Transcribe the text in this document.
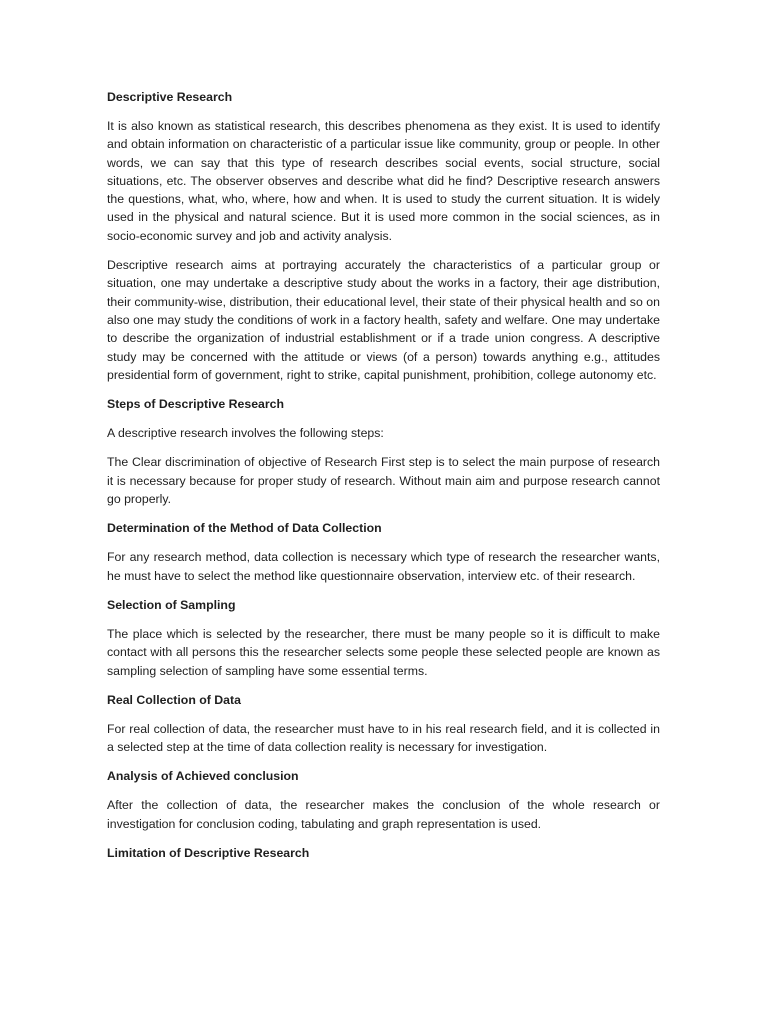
Descriptive Research

It is also known as statistical research, this describes phenomena as they exist. It is used to identify and obtain information on characteristic of a particular issue like community, group or people. In other words, we can say that this type of research describes social events, social structure, social situations, etc. The observer observes and describe what did he find? Descriptive research answers the questions, what, who, where, how and when. It is used to study the current situation. It is widely used in the physical and natural science. But it is used more common in the social sciences, as in socio-economic survey and job and activity analysis.

Descriptive research aims at portraying accurately the characteristics of a particular group or situation, one may undertake a descriptive study about the works in a factory, their age distribution, their community-wise, distribution, their educational level, their state of their physical health and so on also one may study the conditions of work in a factory health, safety and welfare. One may undertake to describe the organization of industrial establishment or if a trade union congress. A descriptive study may be concerned with the attitude or views (of a person) towards anything e.g., attitudes presidential form of government, right to strike, capital punishment, prohibition, college autonomy etc.

Steps of Descriptive Research

A descriptive research involves the following steps:

The Clear discrimination of objective of Research First step is to select the main purpose of research it is necessary because for proper study of research. Without main aim and purpose research cannot go properly.

Determination of the Method of Data Collection

For any research method, data collection is necessary which type of research the researcher wants, he must have to select the method like questionnaire observation, interview etc. of their research.

Selection of Sampling

The place which is selected by the researcher, there must be many people so it is difficult to make contact with all persons this the researcher selects some people these selected people are known as sampling selection of sampling have some essential terms.

Real Collection of Data

For real collection of data, the researcher must have to in his real research field, and it is collected in a selected step at the time of data collection reality is necessary for investigation.

Analysis of Achieved conclusion

After the collection of data, the researcher makes the conclusion of the whole research or investigation for conclusion coding, tabulating and graph representation is used.

Limitation of Descriptive Research
